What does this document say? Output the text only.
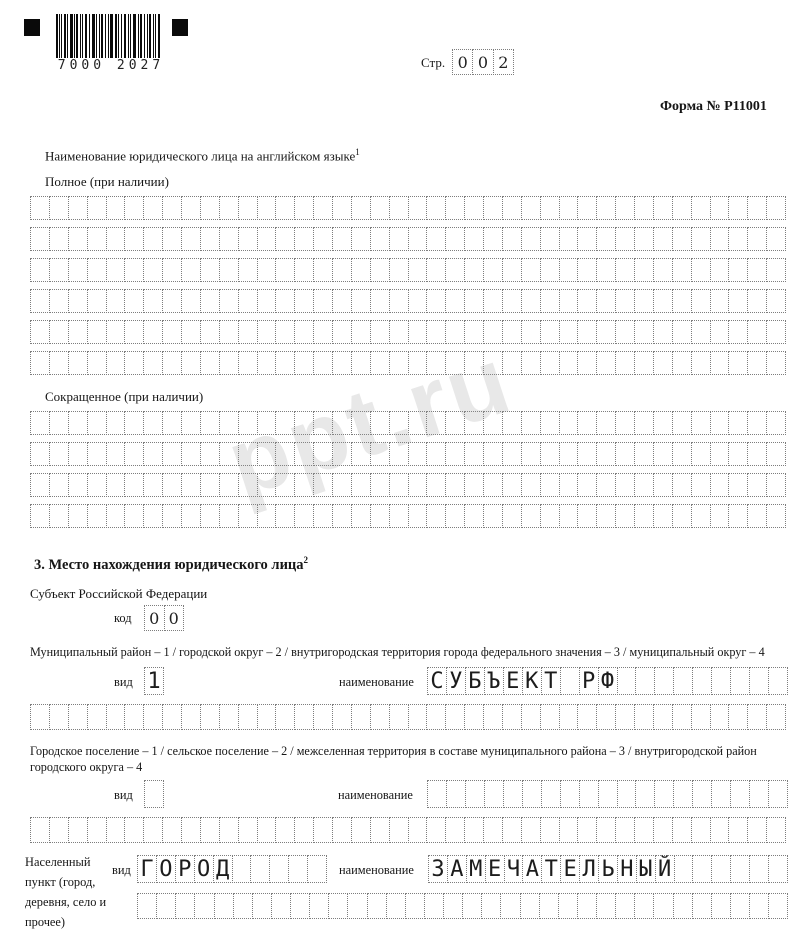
7000 2027	Стр. 0 0 2
Форма № Р11001
Наименование юридического лица на английском языке$^1$
Полное (при наличии)
Сокращенное (при наличии) ppt.ru
3. Место нахождения юридического лица$^2$
Субъект Российской Федерации
код	0 0
Муниципальный район – 1 / городской округ – 2 / внутригородская территория города федерального значения – 3 / муниципальный округ – 4
вид 1	наименование С У Б Ъ Е К Т Р Ф
Городское поселение – 1 / сельское поселение – 2 / межселенная территория в составе муниципального района – 3 / внутригородской район городского округа – 4
вид	наименование
Населенный пункт (город, деревня, село и прочее)
вид Г О Р О Д	наименование З А М Е Ч А Т Е Л Ь Н Ы Й
